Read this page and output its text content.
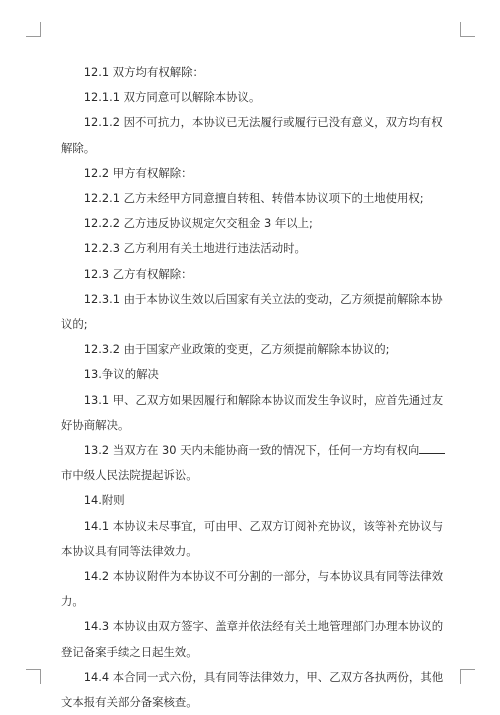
12.1 双方均有权解除：

12.1.1 双方同意可以解除本协议。

12.1.2 因不可抗力，本协议已无法履行或履行已没有意义，双方均有权解除。

12.2 甲方有权解除：

12.2.1 乙方未经甲方同意擅自转租、转借本协议项下的土地使用权;

12.2.2 乙方违反协议规定欠交租金 3 年以上;

12.2.3 乙方利用有关土地进行违法活动时。

12.3 乙方有权解除：

12.3.1 由于本协议生效以后国家有关立法的变动，乙方须提前解除本协议的;

12.3.2 由于国家产业政策的变更，乙方须提前解除本协议的;

13.争议的解决

13.1 甲、乙双方如果因履行和解除本协议而发生争议时，应首先通过友好协商解决。

13.2 当双方在 30 天内未能协商一致的情况下，任何一方均有权向市中级人民法院提起诉讼。

14.附则

14.1 本协议未尽事宜，可由甲、乙双方订阅补充协议，该等补充协议与本协议具有同等法律效力。

14.2 本协议附件为本协议不可分割的一部分，与本协议具有同等法律效力。

14.3 本协议由双方签字、盖章并依法经有关土地管理部门办理本协议的登记备案手续之日起生效。

14.4 本合同一式六份，具有同等法律效力，甲、乙双方各执两份，其他文本报有关部分备案核查。
